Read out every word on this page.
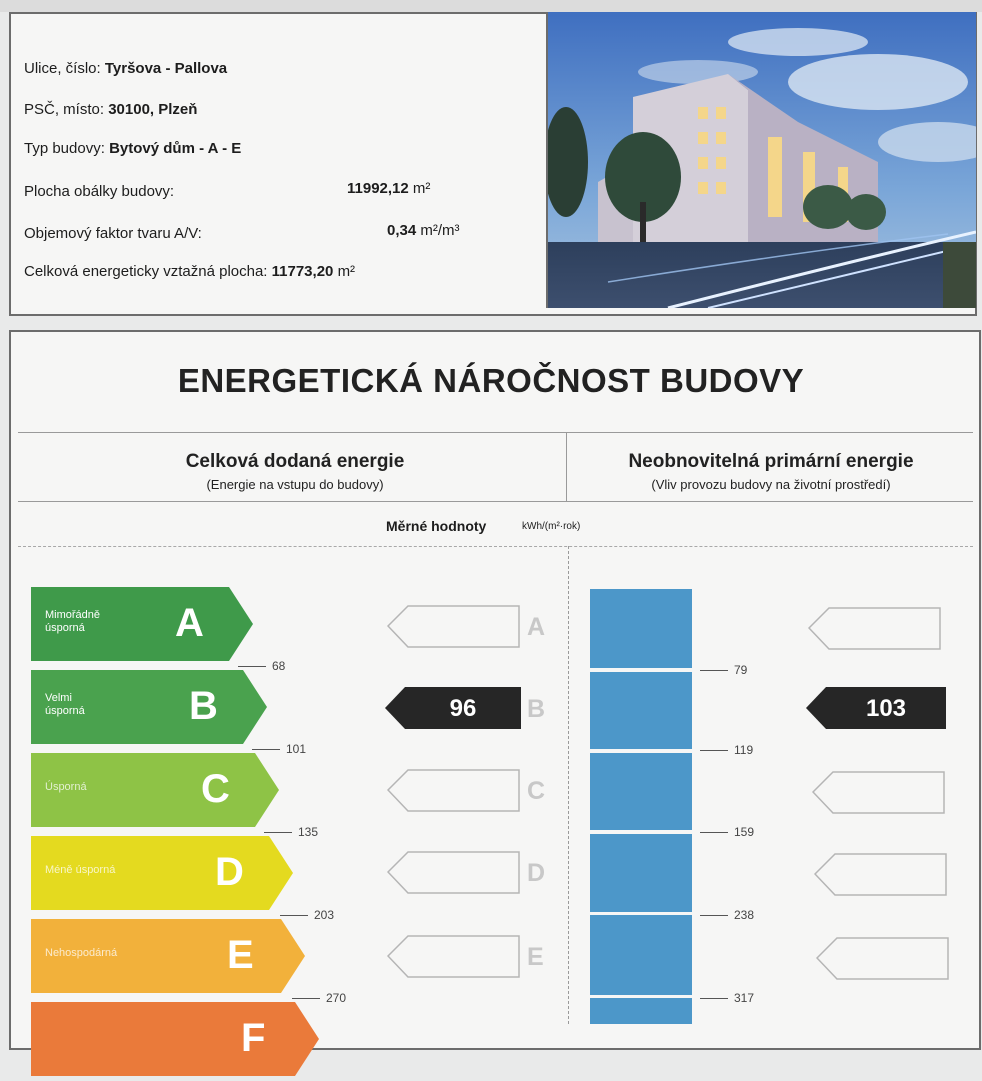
Ulice, číslo: Tyršova - Pallova
PSČ, místo: 30100, Plzeň
Typ budovy: Bytový dům - A - E
Plocha obálky budovy:	11992,12 m²
Objemový faktor tvaru A/V:	0,34 m²/m³
Celková energeticky vztažná plocha: 11773,20 m²
ENERGETICKÁ NÁROČNOST BUDOVY
Celková dodaná energie
(Energie na vstupu do budovy)
Neobnovitelná primární energie
(Vliv provozu budovy na životní prostředí)
Měrné hodnoty	kWh/(m²·rok)
Mimořádně
úsporná	A
Velmi
úsporná	B
Úsporná	C
Méně úsporná D
Nehospodárná	E
F
68
101
135
203
270
A
B
C
D
E
96
79
119
159
238
317
103
